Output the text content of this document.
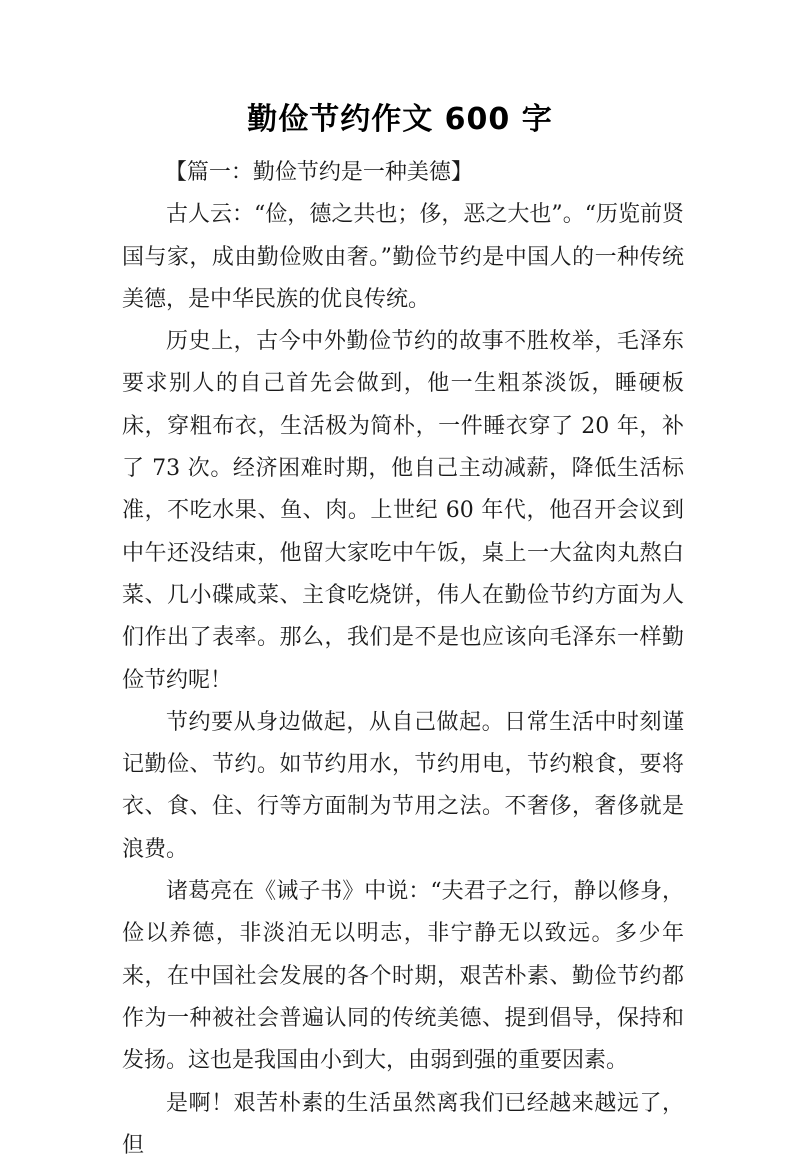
勤俭节约作文 600 字

【篇一：勤俭节约是一种美德】

古人云：“俭，德之共也；侈，恶之大也”。“历览前贤国与家，成由勤俭败由奢。”勤俭节约是中国人的一种传统美德，是中华民族的优良传统。

历史上，古今中外勤俭节约的故事不胜枚举，毛泽东要求别人的自己首先会做到，他一生粗茶淡饭，睡硬板床，穿粗布衣，生活极为简朴，一件睡衣穿了 20 年，补了 73 次。经济困难时期，他自己主动减薪，降低生活标准，不吃水果、鱼、肉。上世纪 60 年代，他召开会议到中午还没结束，他留大家吃中午饭，桌上一大盆肉丸熬白菜、几小碟咸菜、主食吃烧饼，伟人在勤俭节约方面为人们作出了表率。那么，我们是不是也应该向毛泽东一样勤俭节约呢！

节约要从身边做起，从自己做起。日常生活中时刻谨记勤俭、节约。如节约用水，节约用电，节约粮食，要将衣、食、住、行等方面制为节用之法。不奢侈，奢侈就是浪费。

诸葛亮在《诫子书》中说：“夫君子之行，静以修身，俭以养德，非淡泊无以明志，非宁静无以致远。多少年来，在中国社会发展的各个时期，艰苦朴素、勤俭节约都作为一种被社会普遍认同的传统美德、提到倡导，保持和发扬。这也是我国由小到大，由弱到强的重要因素。

是啊！艰苦朴素的生活虽然离我们已经越来越远了，但
